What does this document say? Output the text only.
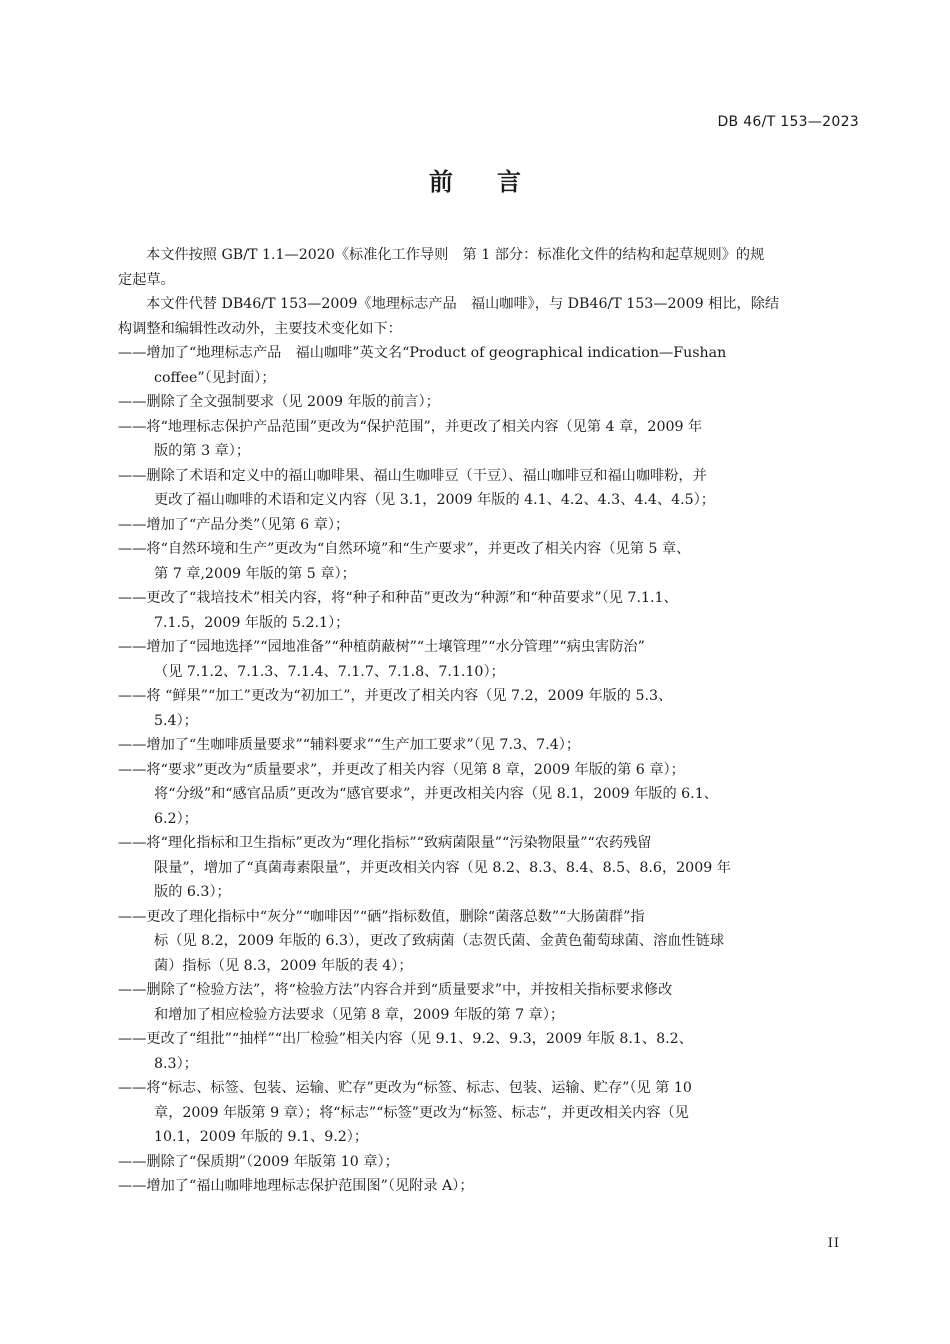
DB 46/T 153—2023
前 言
本文件按照 GB/T 1.1—2020《标准化工作导则　第 1 部分：标准化文件的结构和起草规则》的规
定起草。
本文件代替 DB46/T 153—2009《地理标志产品　福山咖啡》，与 DB46/T 153—2009 相比，除结
构调整和编辑性改动外，主要技术变化如下：
——增加了“地理标志产品　福山咖啡”英文名“Product of geographical indication—Fushan
coffee”（见封面）；
——删除了全文强制要求（见 2009 年版的前言）；
——将“地理标志保护产品范围”更改为“保护范围”，并更改了相关内容（见第 4 章，2009 年
版的第 3 章）；
——删除了术语和定义中的福山咖啡果、福山生咖啡豆（干豆）、福山咖啡豆和福山咖啡粉，并
更改了福山咖啡的术语和定义内容（见 3.1，2009 年版的 4.1、4.2、4.3、4.4、4.5）；
——增加了“产品分类”（见第 6 章）；
——将“自然环境和生产”更改为“自然环境”和“生产要求”，并更改了相关内容（见第 5 章、
第 7 章,2009 年版的第 5 章）；
——更改了“栽培技术”相关内容，将“种子和种苗”更改为“种源”和“种苗要求”（见 7.1.1、
7.1.5，2009 年版的 5.2.1）；
——增加了“园地选择”“园地准备”“种植荫蔽树”“土壤管理”“水分管理”“病虫害防治”
（见 7.1.2、7.1.3、7.1.4、7.1.7、7.1.8、7.1.10）；
——将 “鲜果”“加工”更改为“初加工”，并更改了相关内容（见 7.2，2009 年版的 5.3、
5.4）；
——增加了“生咖啡质量要求”“辅料要求”“生产加工要求”（见 7.3、7.4）；
——将“要求”更改为“质量要求”，并更改了相关内容（见第 8 章，2009 年版的第 6 章）；
将“分级”和“感官品质”更改为“感官要求”，并更改相关内容（见 8.1，2009 年版的 6.1、
6.2）；
——将“理化指标和卫生指标”更改为“理化指标”“致病菌限量”“污染物限量”“农药残留
限量”，增加了“真菌毒素限量”，并更改相关内容（见 8.2、8.3、8.4、8.5、8.6，2009 年
版的 6.3）；
——更改了理化指标中“灰分”“咖啡因”“硒”指标数值，删除“菌落总数”“大肠菌群”指
标（见 8.2，2009 年版的 6.3），更改了致病菌（志贺氏菌、金黄色葡萄球菌、溶血性链球
菌）指标（见 8.3，2009 年版的表 4）；
——删除了“检验方法”，将“检验方法”内容合并到“质量要求”中，并按相关指标要求修改
和增加了相应检验方法要求（见第 8 章，2009 年版的第 7 章）；
——更改了“组批”“抽样”“出厂检验”相关内容（见 9.1、9.2、9.3，2009 年版 8.1、8.2、
8.3）；
——将“标志、标签、包装、运输、贮存”更改为“标签、标志、包装、运输、贮存”（见 第 10
章，2009 年版第 9 章）；将“标志”“标签”更改为“标签、标志”，并更改相关内容（见
10.1，2009 年版的 9.1、9.2）；
——删除了“保质期”（2009 年版第 10 章）；
——增加了“福山咖啡地理标志保护范围图”（见附录 A）；
II
